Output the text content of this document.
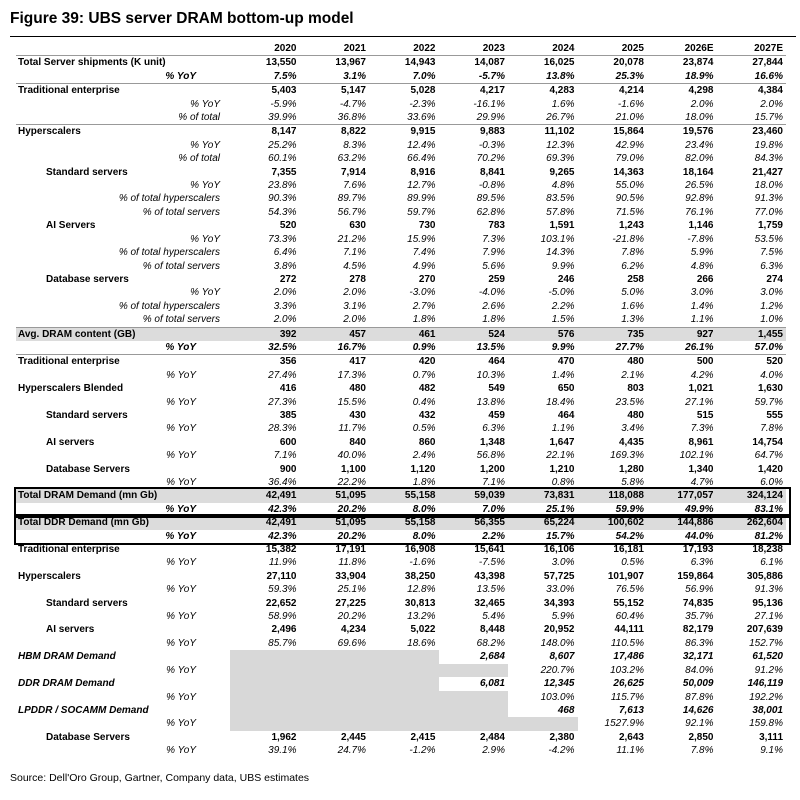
Figure 39: UBS server DRAM bottom-up model
	2020	2021	2022	2023	2024	2025	2026E	2027E
Total Server shipments (K unit)	13,550	13,967	14,943	14,087	16,025	20,078	23,874	27,844
% YoY	7.5%	3.1%	7.0%	-5.7%	13.8%	25.3%	18.9%	16.6%
Traditional enterprise	5,403	5,147	5,028	4,217	4,283	4,214	4,298	4,384
% YoY	-5.9%	-4.7%	-2.3%	-16.1%	1.6%	-1.6%	2.0%	2.0%
% of total	39.9%	36.8%	33.6%	29.9%	26.7%	21.0%	18.0%	15.7%
Hyperscalers	8,147	8,822	9,915	9,883	11,102	15,864	19,576	23,460
% YoY	25.2%	8.3%	12.4%	-0.3%	12.3%	42.9%	23.4%	19.8%
% of total	60.1%	63.2%	66.4%	70.2%	69.3%	79.0%	82.0%	84.3%
Standard servers	7,355	7,914	8,916	8,841	9,265	14,363	18,164	21,427
% YoY	23.8%	7.6%	12.7%	-0.8%	4.8%	55.0%	26.5%	18.0%
% of total hyperscalers	90.3%	89.7%	89.9%	89.5%	83.5%	90.5%	92.8%	91.3%
% of total servers	54.3%	56.7%	59.7%	62.8%	57.8%	71.5%	76.1%	77.0%
AI Servers	520	630	730	783	1,591	1,243	1,146	1,759
% YoY	73.3%	21.2%	15.9%	7.3%	103.1%	-21.8%	-7.8%	53.5%
% of total hyperscalers	6.4%	7.1%	7.4%	7.9%	14.3%	7.8%	5.9%	7.5%
% of total servers	3.8%	4.5%	4.9%	5.6%	9.9%	6.2%	4.8%	6.3%
Database servers	272	278	270	259	246	258	266	274
% YoY	2.0%	2.0%	-3.0%	-4.0%	-5.0%	5.0%	3.0%	3.0%
% of total hyperscalers	3.3%	3.1%	2.7%	2.6%	2.2%	1.6%	1.4%	1.2%
% of total servers	2.0%	2.0%	1.8%	1.8%	1.5%	1.3%	1.1%	1.0%
Avg. DRAM content (GB)	392	457	461	524	576	735	927	1,455
% YoY	32.5%	16.7%	0.9%	13.5%	9.9%	27.7%	26.1%	57.0%
Traditional enterprise	356	417	420	464	470	480	500	520
% YoY	27.4%	17.3%	0.7%	10.3%	1.4%	2.1%	4.2%	4.0%
Hyperscalers Blended	416	480	482	549	650	803	1,021	1,630
% YoY	27.3%	15.5%	0.4%	13.8%	18.4%	23.5%	27.1%	59.7%
Standard servers	385	430	432	459	464	480	515	555
% YoY	28.3%	11.7%	0.5%	6.3%	1.1%	3.4%	7.3%	7.8%
AI servers	600	840	860	1,348	1,647	4,435	8,961	14,754
% YoY	7.1%	40.0%	2.4%	56.8%	22.1%	169.3%	102.1%	64.7%
Database Servers	900	1,100	1,120	1,200	1,210	1,280	1,340	1,420
% YoY	36.4%	22.2%	1.8%	7.1%	0.8%	5.8%	4.7%	6.0%
Total DRAM Demand (mn Gb)	42,491	51,095	55,158	59,039	73,831	118,088	177,057	324,124
% YoY	42.3%	20.2%	8.0%	7.0%	25.1%	59.9%	49.9%	83.1%
Total DDR Demand (mn Gb)	42,491	51,095	55,158	56,355	65,224	100,602	144,886	262,604
% YoY	42.3%	20.2%	8.0%	2.2%	15.7%	54.2%	44.0%	81.2%
Traditional enterprise	15,382	17,191	16,908	15,641	16,106	16,181	17,193	18,238
% YoY	11.9%	11.8%	-1.6%	-7.5%	3.0%	0.5%	6.3%	6.1%
Hyperscalers	27,110	33,904	38,250	43,398	57,725	101,907	159,864	305,886
% YoY	59.3%	25.1%	12.8%	13.5%	33.0%	76.5%	56.9%	91.3%
Standard servers	22,652	27,225	30,813	32,465	34,393	55,152	74,835	95,136
% YoY	58.9%	20.2%	13.2%	5.4%	5.9%	60.4%	35.7%	27.1%
AI servers	2,496	4,234	5,022	8,448	20,952	44,111	82,179	207,639
% YoY	85.7%	69.6%	18.6%	68.2%	148.0%	110.5%	86.3%	152.7%
HBM DRAM Demand				2,684	8,607	17,486	32,171	61,520
% YoY					220.7%	103.2%	84.0%	91.2%
DDR DRAM Demand				6,081	12,345	26,625	50,009	146,119
% YoY					103.0%	115.7%	87.8%	192.2%
LPDDR / SOCAMM Demand					468	7,613	14,626	38,001
% YoY						1527.9%	92.1%	159.8%
Database Servers	1,962	2,445	2,415	2,484	2,380	2,643	2,850	3,111
% YoY	39.1%	24.7%	-1.2%	2.9%	-4.2%	11.1%	7.8%	9.1%
Source: Dell'Oro Group, Gartner, Company data, UBS estimates
